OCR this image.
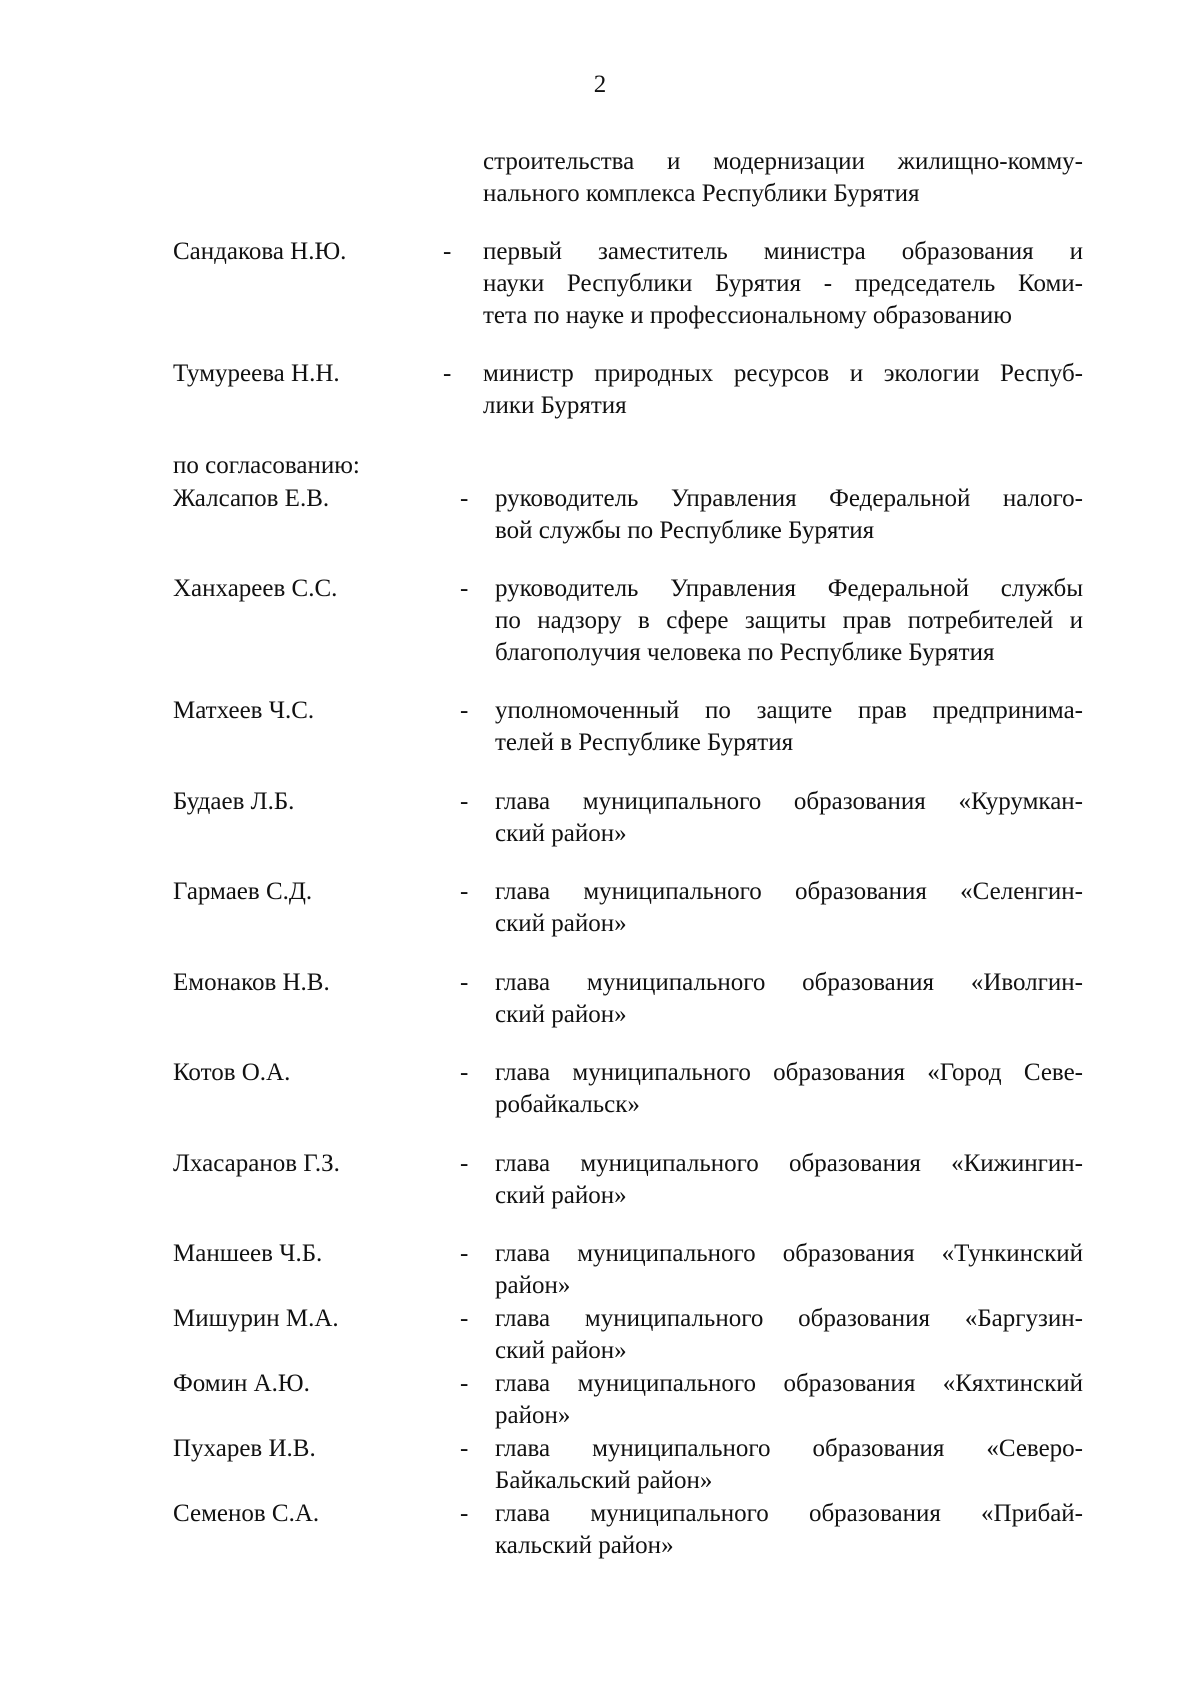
2
строительства и модернизации жилищно-комму-
нального комплекса Республики Бурятия
Сандакова Н.Ю.	- первый заместитель министра образования и
науки Республики Бурятия - председатель Коми-
тета по науке и профессиональному образованию
Тумуреева Н.Н.	- министр природных ресурсов и экологии Респуб-
лики Бурятия
по согласованию:
Жалсапов Е.В.	- руководитель Управления Федеральной налого-
вой службы по Республике Бурятия
Ханхареев С.С.	- руководитель Управления Федеральной службы
по надзору в сфере защиты прав потребителей и
благополучия человека по Республике Бурятия
Матхеев Ч.С.	- уполномоченный по защите прав предпринима-
телей в Республике Бурятия
Будаев Л.Б.	- глава муниципального образования «Курумкан-
ский район»
Гармаев С.Д.	- глава муниципального образования «Селенгин-
ский район»
Емонаков Н.В.	- глава муниципального образования «Иволгин-
ский район»
Котов О.А.	- глава муниципального образования «Город Севе-
робайкальск»
Лхасаранов Г.З.	- глава муниципального образования «Кижингин-
ский район»
Маншеев Ч.Б.	- глава муниципального образования «Тункинский
район»
Мишурин М.А.	- глава муниципального образования «Баргузин-
ский район»
Фомин А.Ю.	- глава муниципального образования «Кяхтинский
район»
Пухарев И.В.	- глава муниципального образования «Северо-
Байкальский район»
Семенов С.А.	- глава муниципального образования «Прибай-
кальский район»
